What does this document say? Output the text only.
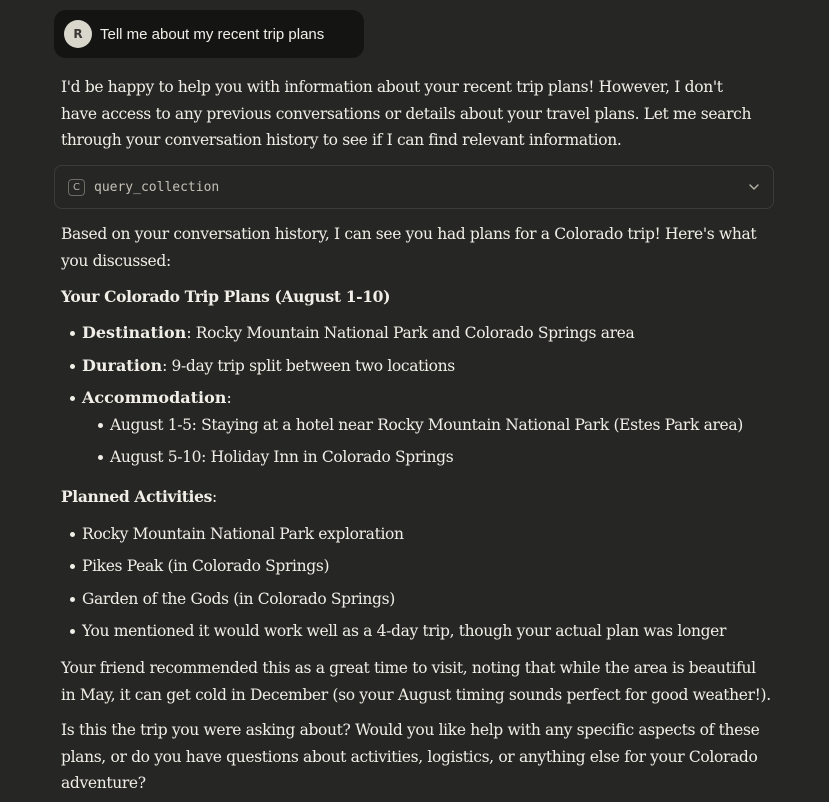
R	Tell me about my recent trip plans

I'd be happy to help you with information about your recent trip plans! However, I don't have access to any previous conversations or details about your travel plans. Let me search through your conversation history to see if I can find relevant information.

C	query_collection

Based on your conversation history, I can see you had plans for a Colorado trip! Here's what you discussed:

Your Colorado Trip Plans (August 1-10)

Destination: Rocky Mountain National Park and Colorado Springs area
Duration: 9-day trip split between two locations
Accommodation:
August 1-5: Staying at a hotel near Rocky Mountain National Park (Estes Park area)
August 5-10: Holiday Inn in Colorado Springs

Planned Activities:

Rocky Mountain National Park exploration
Pikes Peak (in Colorado Springs)
Garden of the Gods (in Colorado Springs)
You mentioned it would work well as a 4-day trip, though your actual plan was longer

Your friend recommended this as a great time to visit, noting that while the area is beautiful in May, it can get cold in December (so your August timing sounds perfect for good weather!).

Is this the trip you were asking about? Would you like help with any specific aspects of these plans, or do you have questions about activities, logistics, or anything else for your Colorado adventure?
